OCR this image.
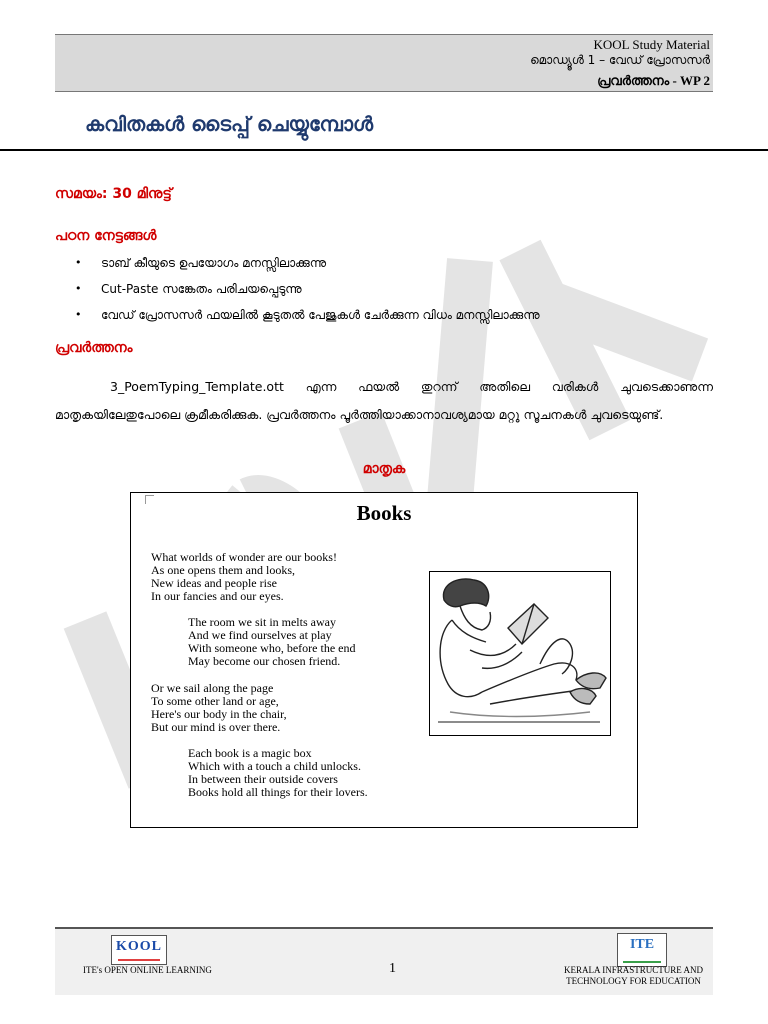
KOOL Study Material
മൊഡ്യൂൾ 1 – വേഡ് പ്രോസസർ
പ്രവർത്തനം - WP 2
കവിതകൾ ടൈപ്പ് ചെയ്യുമ്പോൾ
സമയം: 30 മിനുട്ട്
പഠന നേട്ടങ്ങൾ
•	ടാബ് കീയുടെ ഉപയോഗം മനസ്സിലാക്കുന്നു
•	Cut-Paste സങ്കേതം പരിചയപ്പെടുന്നു
•	വേഡ് പ്രോസസർ ഫയലിൽ കൂടുതൽ പേജുകൾ ചേർക്കുന്ന വിധം മനസ്സിലാക്കുന്നു
പ്രവർത്തനം
3_PoemTyping_Template.ott എന്ന ഫയൽ തുറന്ന് അതിലെ വരികൾ ചുവടെക്കാണുന്ന മാതൃകയിലേതുപോലെ ക്രമീകരിക്കുക. പ്രവർത്തനം പൂർത്തിയാക്കാനാവശ്യമായ മറ്റു സൂചനകൾ ചുവടെയുണ്ട്.
മാതൃക
Books
What worlds of wonder are our books!
As one opens them and looks,
New ideas and people rise
In our fancies and our eyes.
The room we sit in melts away
And we find ourselves at play
With someone who, before the end
May become our chosen friend.
Or we sail along the page
To some other land or age,
Here's our body in the chair,
But our mind is over there.
Each book is a magic box
Which with a touch a child unlocks.
In between their outside covers
Books hold all things for their lovers.
KOOL	ITE
ITE's OPEN ONLINE LEARNING	1	KERALA INFRASTRUCTURE AND
TECHNOLOGY FOR EDUCATION
